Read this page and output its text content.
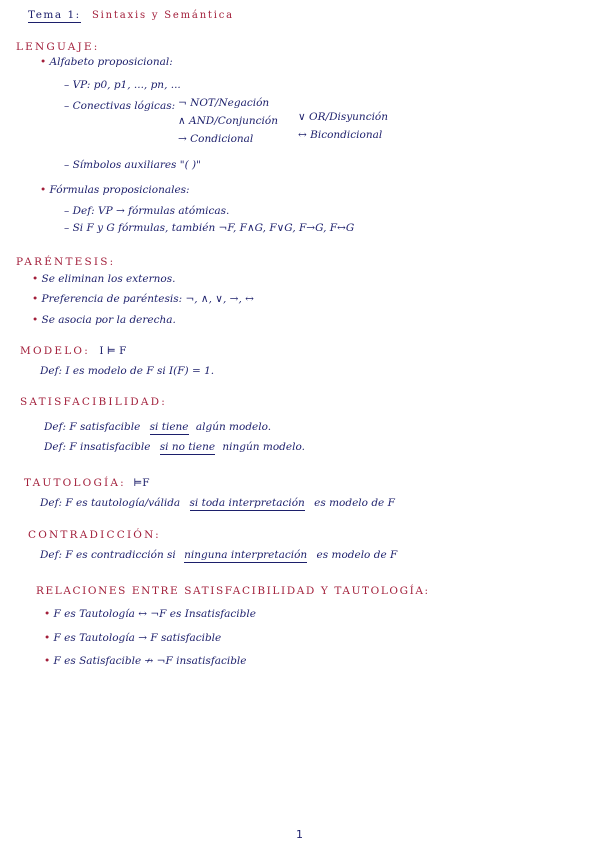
Tema 1: Sintaxis y Semántica
LENGUAJE:
• Alfabeto proposicional:
– VP: p0, p1, ..., pn, ...
– Conectivas lógicas: ¬ NOT/Negación
∧ AND/Conjunción ∨ OR/Disyunción
→ Condicional	↔ Bicondicional
– Símbolos auxiliares "( )"
• Fórmulas proposicionales:
– Def: VP → fórmulas atómicas.
– Si F y G fórmulas, también ¬F, F∧G, F∨G, F→G, F↔G
PARÉNTESIS:
• Se eliminan los externos.
• Preferencia de paréntesis: ¬, ∧, ∨, →, ↔
• Se asocia por la derecha.
MODELO: I ⊨ F
Def: I es modelo de F si I(F) = 1.
SATISFACIBILIDAD:
Def: F satisfacible si tiene algún modelo.
Def: F insatisfacible si no tiene ningún modelo.
TAUTOLOGÍA: ⊨F
Def: F es tautología/válida si toda interpretación es modelo de F
CONTRADICCIÓN:
Def: F es contradicción si ninguna interpretación es modelo de F
RELACIONES ENTRE SATISFACIBILIDAD Y TAUTOLOGÍA:
• F es Tautología ↔ ¬F es Insatisfacible
• F es Tautología → F satisfacible
• F es Satisfacible ↛ ¬F insatisfacible
1
